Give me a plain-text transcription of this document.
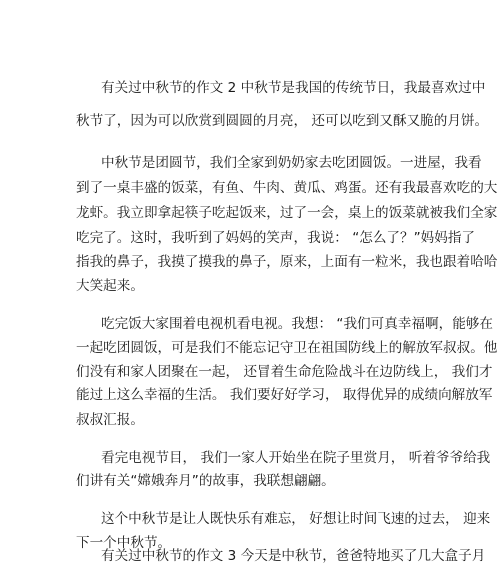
有关过中秋节的作文 2 中秋节是我国的传统节日，我最喜欢过中
秋节了，因为可以欣赏到圆圆的月亮， 还可以吃到又酥又脆的月饼。
中秋节是团圆节，我们全家到奶奶家去吃团圆饭。一进屋，我看
到了一桌丰盛的饭菜，有鱼、牛肉、黄瓜、鸡蛋。还有我最喜欢吃的大
龙虾。我立即拿起筷子吃起饭来，过了一会，桌上的饭菜就被我们全家
吃完了。这时，我听到了妈妈的笑声，我说： “怎么了？”妈妈指了
指我的鼻子，我摸了摸我的鼻子，原来，上面有一粒米，我也跟着哈哈
大笑起来。
吃完饭大家围着电视机看电视。我想： “我们可真幸福啊，能够在
一起吃团圆饭，可是我们不能忘记守卫在祖国防线上的解放军叔叔。他
们没有和家人团聚在一起， 还冒着生命危险战斗在边防线上， 我们才
能过上这么幸福的生活。 我们要好好学习， 取得优异的成绩向解放军
叔叔汇报。
看完电视节目， 我们一家人开始坐在院子里赏月， 听着爷爷给我
们讲有关“嫦娥奔月”的故事，我联想翩翩。
这个中秋节是让人既快乐有难忘， 好想让时间飞速的过去， 迎来
下一个中秋节。
有关过中秋节的作文 3 今天是中秋节，爸爸特地买了几大盒子月
